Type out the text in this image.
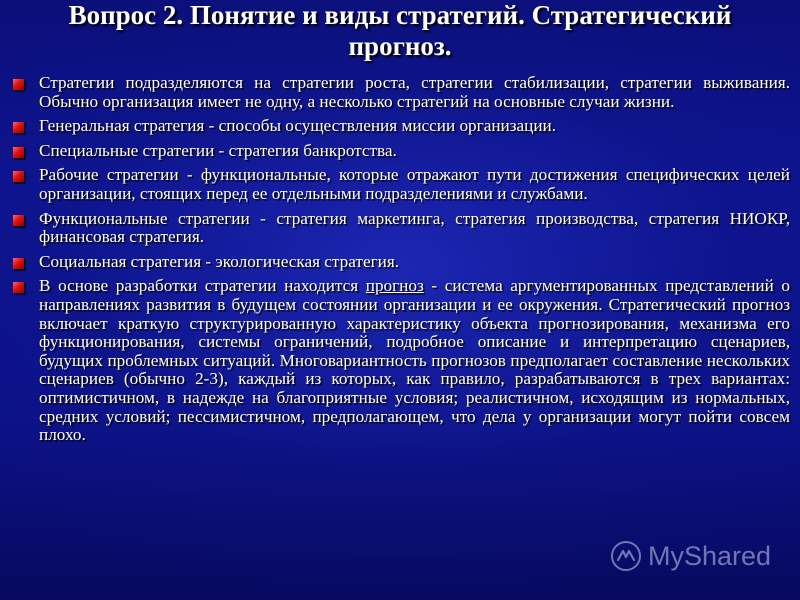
Вопрос 2. Понятие и виды стратегий. Стратегический прогноз.
Стратегии подразделяются на стратегии роста, стратегии стабилизации, стратегии выживания. Обычно организация имеет не одну, а несколько стратегий на основные случаи жизни.
Генеральная стратегия - способы осуществления миссии организации.
Специальные стратегии - стратегия банкротства.
Рабочие стратегии - функциональные, которые отражают пути достижения специфических целей организации, стоящих перед ее отдельными подразделениями и службами.
Функциональные стратегии - стратегия маркетинга, стратегия производства, стратегия НИОКР, финансовая стратегия.
Социальная стратегия - экологическая стратегия.
В основе разработки стратегии находится прогноз - система аргументированных представлений о направлениях развития в будущем состоянии организации и ее окружения. Стратегический прогноз включает краткую структурированную характеристику объекта прогнозирования, механизма его функционирования, системы ограничений, подробное описание и интерпретацию сценариев, будущих проблемных ситуаций. Многовариантность прогнозов предполагает составление нескольких сценариев (обычно 2-3), каждый из которых, как правило, разрабатываются в трех вариантах: оптимистичном, в надежде на благоприятные условия; реалистичном, исходящим из нормальных, средних условий; пессимистичном, предполагающем, что дела у организации могут пойти совсем плохо.
MyShared
